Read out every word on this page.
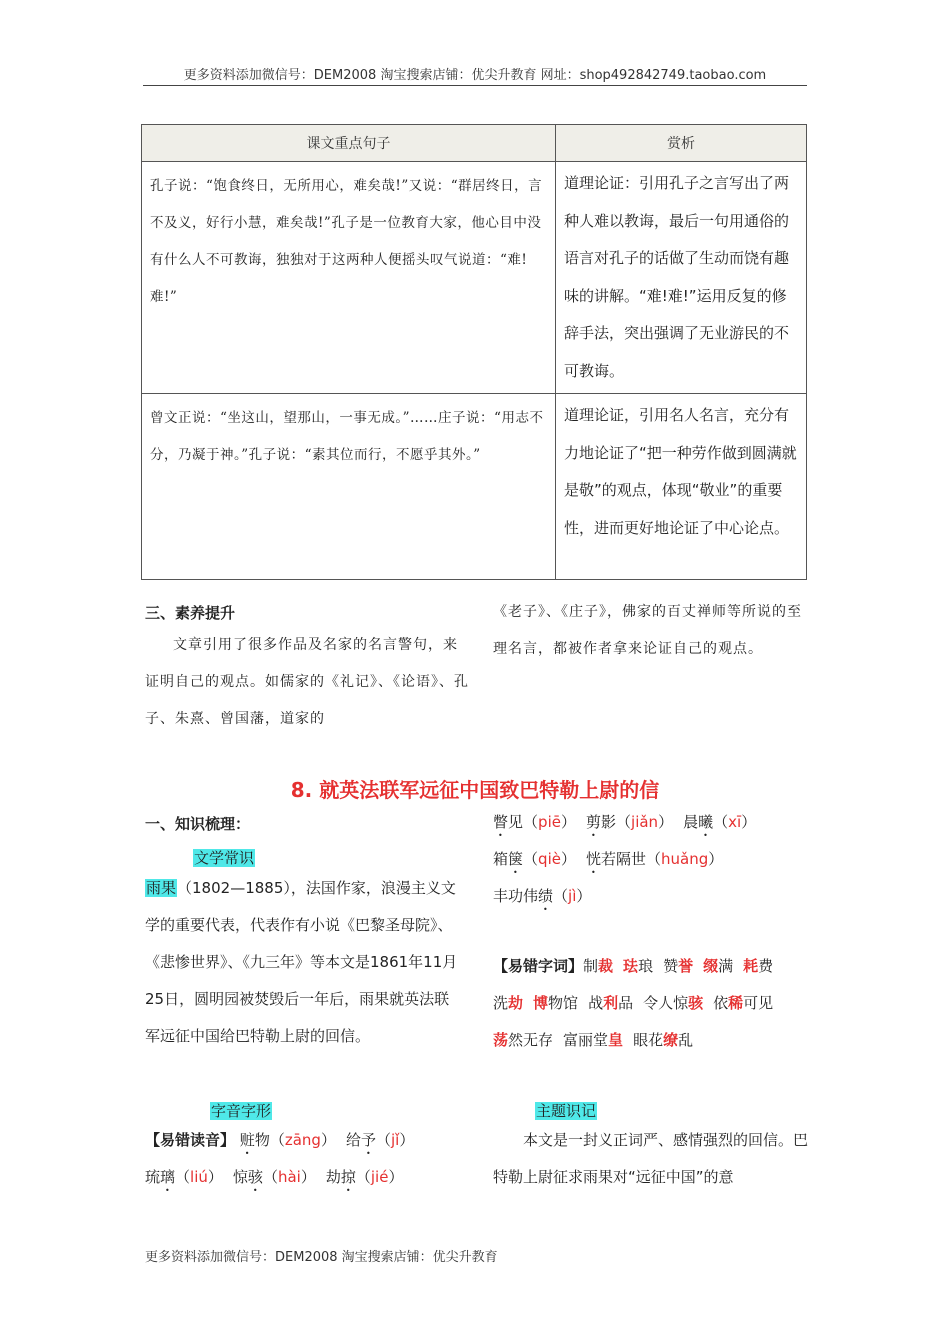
更多资料添加微信号：DEM2008 淘宝搜索店铺：优尖升教育 网址：shop492842749.taobao.com
课文重点句子	赏析
孔子说：“饱食终日，无所用心，难矣哉!”又说：“群居终日，言不及义，好行小慧，难矣哉!”孔子是一位教育大家，他心目中没有什么人不可教诲，独独对于这两种人便摇头叹气说道：“难!难!”	道理论证：引用孔子之言写出了两种人难以教诲，最后一句用通俗的语言对孔子的话做了生动而饶有趣味的讲解。“难!难!”运用反复的修辞手法，突出强调了无业游民的不可教诲。
曾文正说：“坐这山，望那山，一事无成。”……庄子说：“用志不分，乃凝于神。”孔子说：“素其位而行，不愿乎其外。”	道理论证，引用名人名言，充分有力地论证了“把一种劳作做到圆满就是敬”的观点，体现“敬业”的重要性，进而更好地论证了中心论点。
三、素养提升
文章引用了很多作品及名家的名言警句，来证明自己的观点。如儒家的《礼记》、《论语》、孔子、朱熹、曾国藩，道家的
《老子》、《庄子》，佛家的百丈禅师等所说的至理名言，都被作者拿来论证自己的观点。
8. 就英法联军远征中国致巴特勒上尉的信
一、知识梳理：
文学常识
雨果（1802—1885），法国作家，浪漫主义文学的重要代表，代表作有小说《巴黎圣母院》、《悲惨世界》、《九三年》等本文是1861年11月25日，圆明园被焚毁后一年后，雨果就英法联军远征中国给巴特勒上尉的回信。
字音字形
【易错读音】 赃物（zāng） 给予（jǐ）
琉璃（liú） 惊骇（hài） 劫掠（jié）
瞥见（piē） 剪影（jiǎn） 晨曦（xī）
箱箧（qiè） 恍若隔世（huǎng）
丰功伟绩（jì）
【易错字词】制裁 珐琅 赞誉 缀满 耗费
洗劫 博物馆 战利品 令人惊骇 依稀可见
荡然无存 富丽堂皇 眼花缭乱
主题识记
本文是一封义正词严、感情强烈的回信。巴特勒上尉征求雨果对“远征中国”的意
更多资料添加微信号：DEM2008 淘宝搜索店铺：优尖升教育
